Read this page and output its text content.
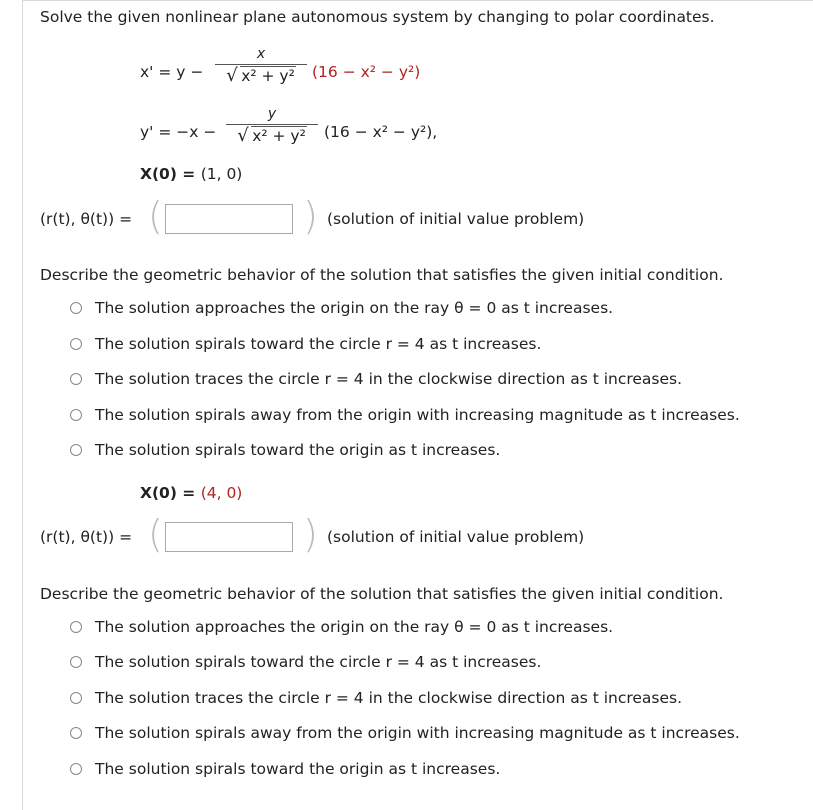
Solve the given nonlinear plane autonomous system by changing to polar coordinates.
x' = y −
x
√ x² + y²	(16 − x² − y²)
y' = −x −
y
√ x² + y²	(16 − x² − y²),
X(0) = (1, 0)
(r(t), θ(t)) = (	) (solution of initial value problem)
Describe the geometric behavior of the solution that satisfies the given initial condition.
The solution approaches the origin on the ray θ = 0 as t increases.
The solution spirals toward the circle r = 4 as t increases.
The solution traces the circle r = 4 in the clockwise direction as t increases.
The solution spirals away from the origin with increasing magnitude as t increases.
The solution spirals toward the origin as t increases.
X(0) = (4, 0)
(r(t), θ(t)) = (	) (solution of initial value problem)
Describe the geometric behavior of the solution that satisfies the given initial condition.
The solution approaches the origin on the ray θ = 0 as t increases.
The solution spirals toward the circle r = 4 as t increases.
The solution traces the circle r = 4 in the clockwise direction as t increases.
The solution spirals away from the origin with increasing magnitude as t increases.
The solution spirals toward the origin as t increases.
